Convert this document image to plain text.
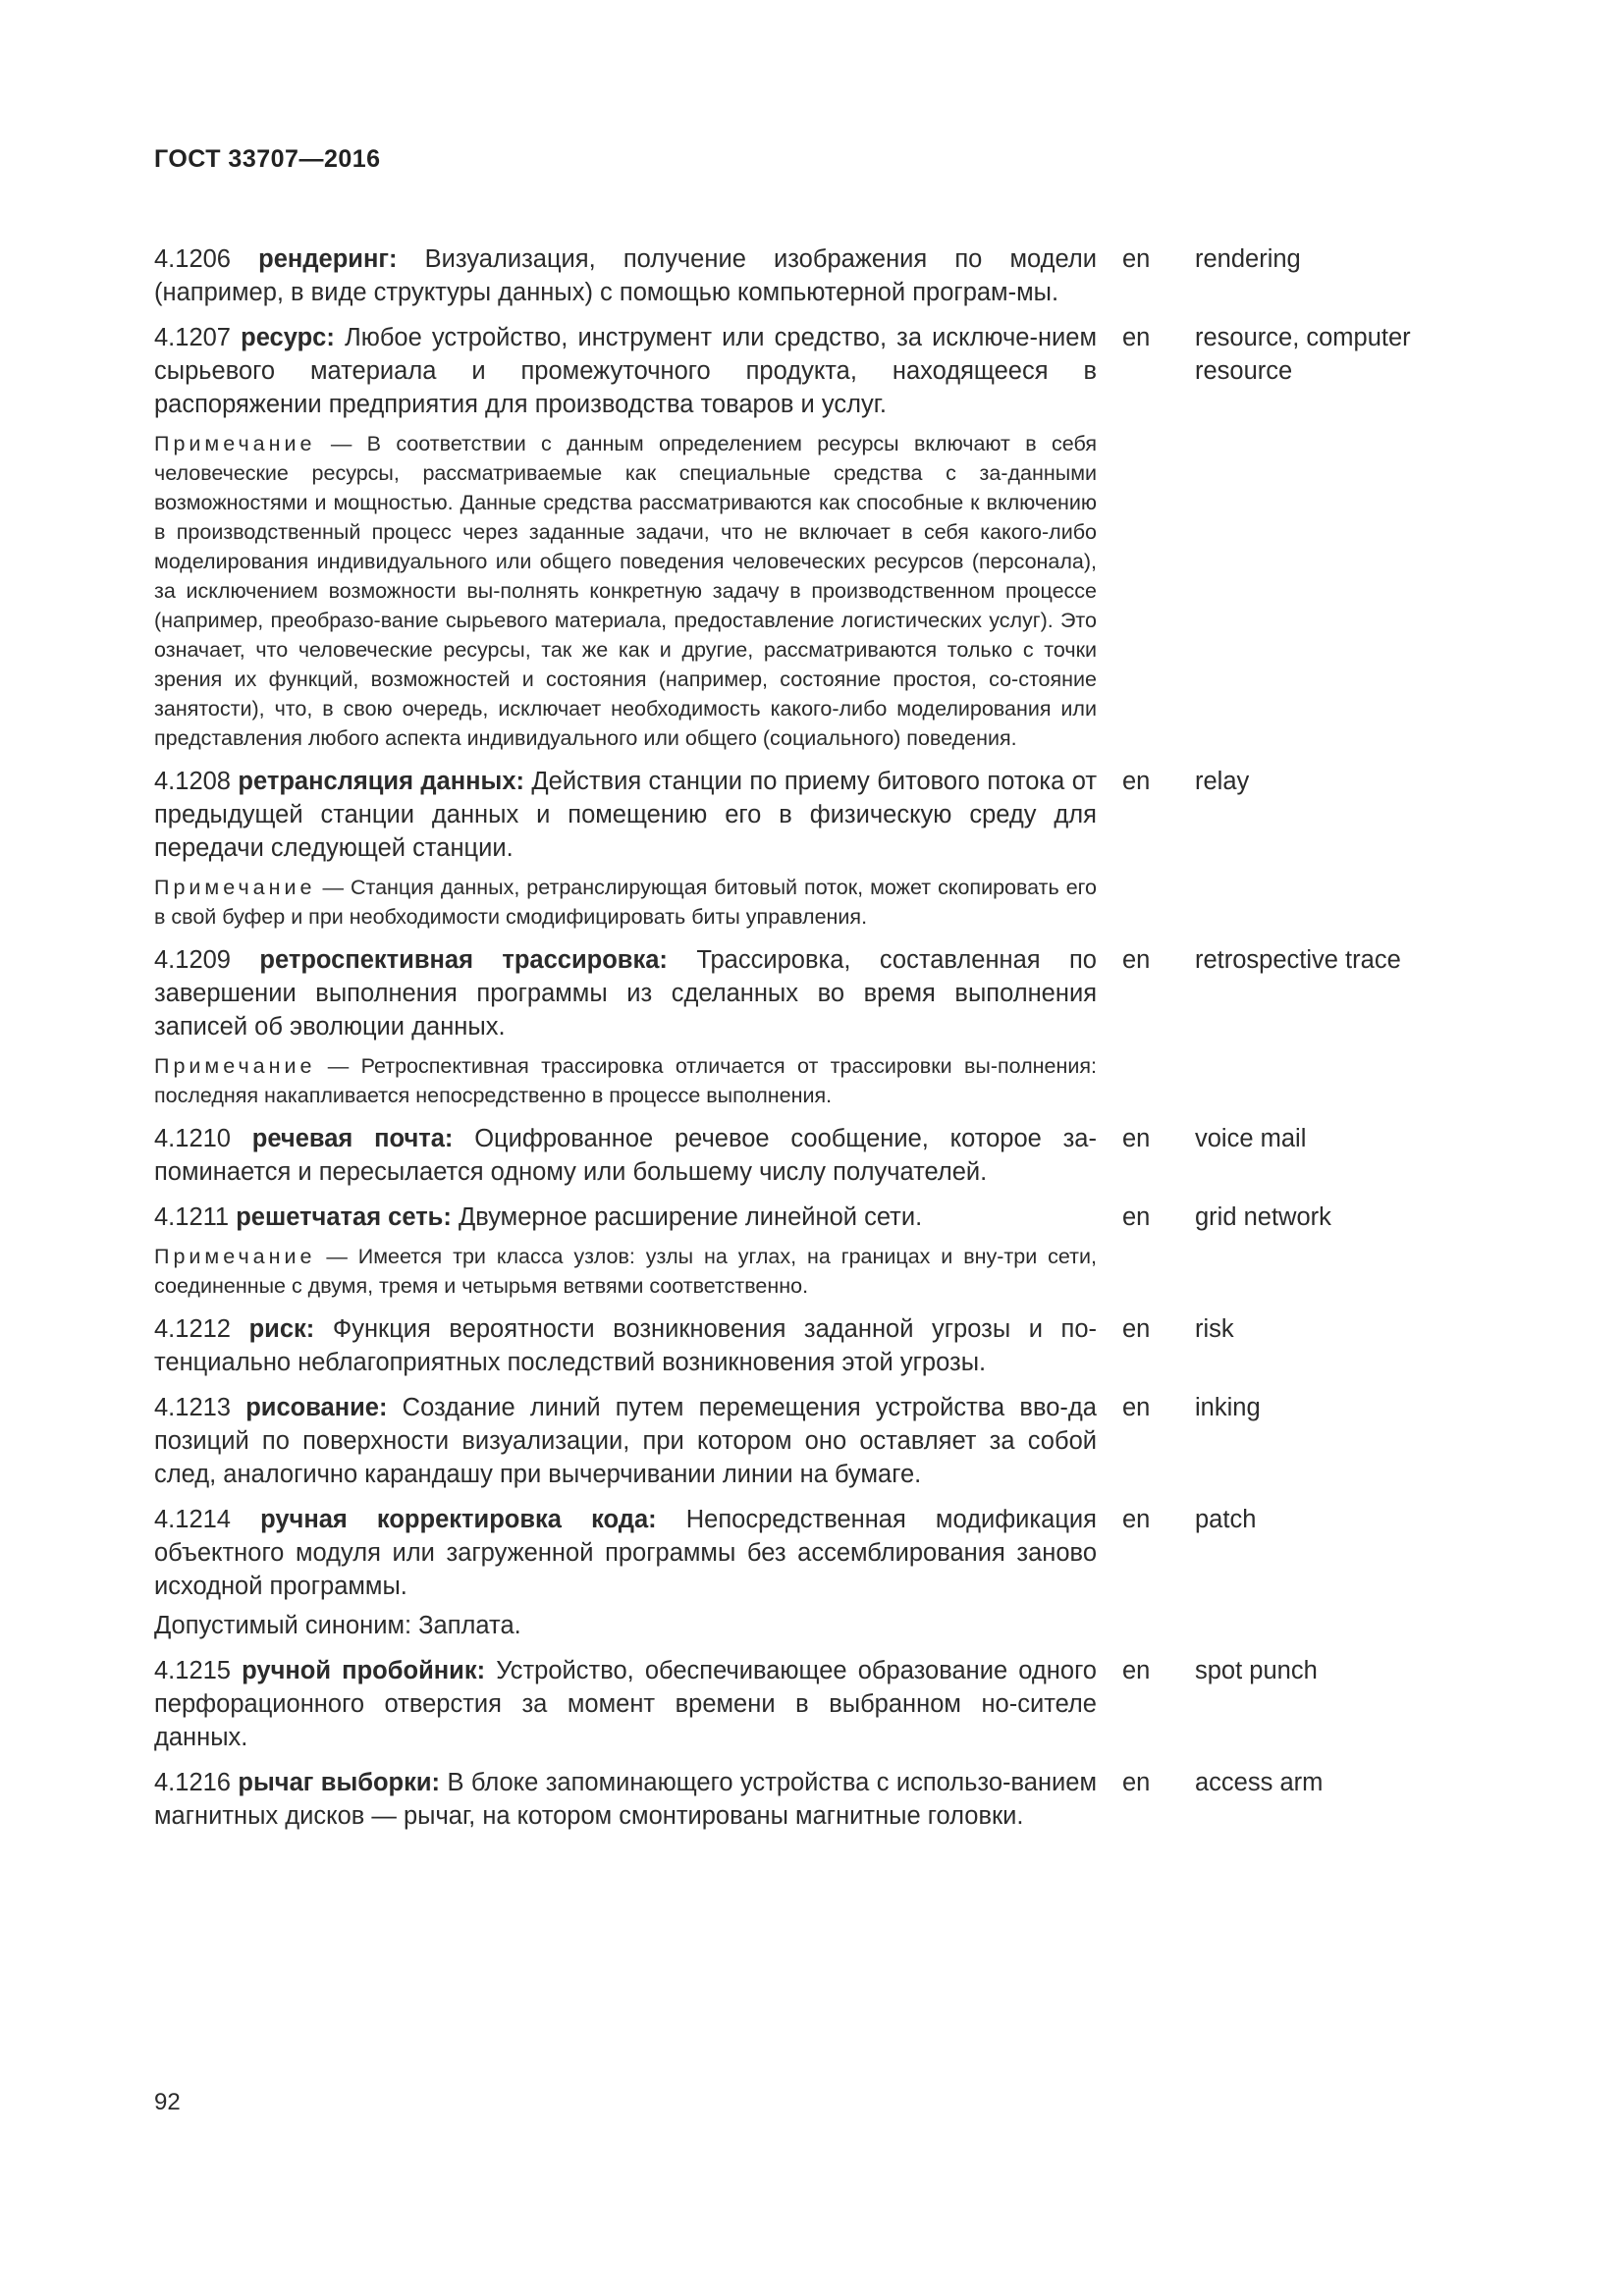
ГОСТ 33707—2016
4.1206 рендеринг: Визуализация, получение изображения по модели (например, в виде структуры данных) с помощью компьютерной програм-мы.
en	rendering
4.1207 ресурс: Любое устройство, инструмент или средство, за исключе-нием сырьевого материала и промежуточного продукта, находящееся в распоряжении предприятия для производства товаров и услуг.
Примечание — В соответствии с данным определением ресурсы включают в себя человеческие ресурсы, рассматриваемые как специальные средства с за-данными возможностями и мощностью. Данные средства рассматриваются как способные к включению в производственный процесс через заданные задачи, что не включает в себя какого-либо моделирования индивидуального или общего поведения человеческих ресурсов (персонала), за исключением возможности вы-полнять конкретную задачу в производственном процессе (например, преобразо-вание сырьевого материала, предоставление логистических услуг). Это означает, что человеческие ресурсы, так же как и другие, рассматриваются только с точки зрения их функций, возможностей и состояния (например, состояние простоя, со-стояние занятости), что, в свою очередь, исключает необходимость какого-либо моделирования или представления любого аспекта индивидуального или общего (социального) поведения.
en	resource, computer resource
4.1208 ретрансляция данных: Действия станции по приему битового потока от предыдущей станции данных и помещению его в физическую среду для передачи следующей станции.
Примечание — Станция данных, ретранслирующая битовый поток, может скопировать его в свой буфер и при необходимости смодифицировать биты управления.
en	relay
4.1209 ретроспективная трассировка: Трассировка, составленная по завершении выполнения программы из сделанных во время выполнения записей об эволюции данных.
Примечание — Ретроспективная трассировка отличается от трассировки вы-полнения: последняя накапливается непосредственно в процессе выполнения.
en	retrospective trace
4.1210 речевая почта: Оцифрованное речевое сообщение, которое за-поминается и пересылается одному или большему числу получателей.
en	voice mail
4.1211 решетчатая сеть: Двумерное расширение линейной сети.
Примечание — Имеется три класса узлов: узлы на углах, на границах и вну-три сети, соединенные с двумя, тремя и четырьмя ветвями соответственно.
en	grid network
4.1212 риск: Функция вероятности возникновения заданной угрозы и по-тенциально неблагоприятных последствий возникновения этой угрозы.
en	risk
4.1213 рисование: Создание линий путем перемещения устройства вво-да позиций по поверхности визуализации, при котором оно оставляет за собой след, аналогично карандашу при вычерчивании линии на бумаге.
en	inking
4.1214 ручная корректировка кода: Непосредственная модификация объектного модуля или загруженной программы без ассемблирования заново исходной программы.
Допустимый синоним: Заплата.
en	patch
4.1215 ручной пробойник: Устройство, обеспечивающее образование одного перфорационного отверстия за момент времени в выбранном но-сителе данных.
en	spot punch
4.1216 рычаг выборки: В блоке запоминающего устройства с использо-ванием магнитных дисков — рычаг, на котором смонтированы магнитные головки.
en	access arm
92
